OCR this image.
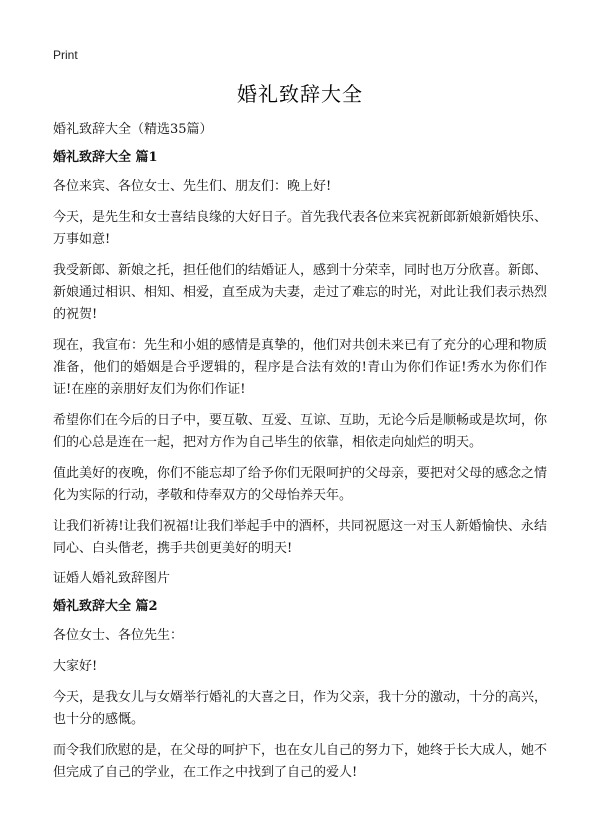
Print
婚礼致辞大全

婚礼致辞大全（精选35篇）

婚礼致辞大全 篇1

各位来宾、各位女士、先生们、朋友们：晚上好!

今天，是先生和女士喜结良缘的大好日子。首先我代表各位来宾祝新郎新娘新婚快乐、万事如意!

我受新郎、新娘之托，担任他们的结婚证人，感到十分荣幸，同时也万分欣喜。新郎、新娘通过相识、相知、相爱，直至成为夫妻，走过了难忘的时光，对此让我们表示热烈的祝贺!

现在，我宣布：先生和小姐的感情是真挚的，他们对共创未来已有了充分的心理和物质准备，他们的婚姻是合乎逻辑的，程序是合法有效的!青山为你们作证!秀水为你们作证!在座的亲朋好友们为你们作证!

希望你们在今后的日子中，要互敬、互爱、互谅、互助，无论今后是顺畅或是坎坷，你们的心总是连在一起，把对方作为自己毕生的依靠，相依走向灿烂的明天。

值此美好的夜晚，你们不能忘却了给予你们无限呵护的父母亲，要把对父母的感念之情化为实际的行动，孝敬和侍奉双方的父母怡养天年。

让我们祈祷!让我们祝福!让我们举起手中的酒杯，共同祝愿这一对玉人新婚愉快、永结同心、白头偕老，携手共创更美好的明天!

证婚人婚礼致辞图片

婚礼致辞大全 篇2

各位女士、各位先生：

大家好!

今天，是我女儿与女婿举行婚礼的大喜之日，作为父亲，我十分的激动，十分的高兴，也十分的感慨。

而令我们欣慰的是，在父母的呵护下，也在女儿自己的努力下，她终于长大成人，她不但完成了自己的学业，在工作之中找到了自己的爱人!
